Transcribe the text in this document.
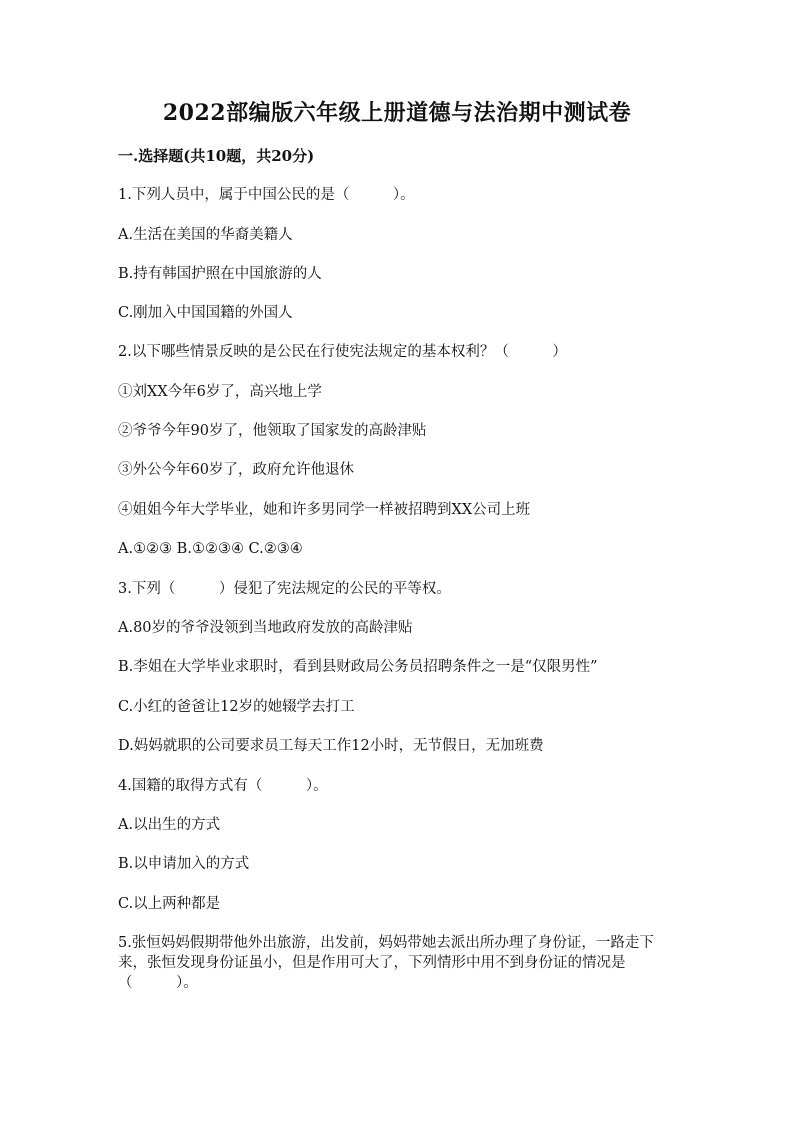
2022部编版六年级上册道德与法治期中测试卷
一.选择题(共10题，共20分)
1.下列人员中，属于中国公民的是（　　　）。
A.生活在美国的华裔美籍人
B.持有韩国护照在中国旅游的人
C.刚加入中国国籍的外国人
2.以下哪些情景反映的是公民在行使宪法规定的基本权利？（　　　）
①刘XX今年6岁了，高兴地上学
②爷爷今年90岁了，他领取了国家发的高龄津贴
③外公今年60岁了，政府允许他退休
④姐姐今年大学毕业，她和许多男同学一样被招聘到XX公司上班
A.①②③ B.①②③④ C.②③④
3.下列（　　　）侵犯了宪法规定的公民的平等权。
A.80岁的爷爷没领到当地政府发放的高龄津贴
B.李姐在大学毕业求职时，看到县财政局公务员招聘条件之一是“仅限男性”
C.小红的爸爸让12岁的她辍学去打工
D.妈妈就职的公司要求员工每天工作12小时，无节假日，无加班费
4.国籍的取得方式有（　　　）。
A.以出生的方式
B.以申请加入的方式
C.以上两种都是
5.张恒妈妈假期带他外出旅游，出发前，妈妈带她去派出所办理了身份证，一路走下来，张恒发现身份证虽小，但是作用可大了，下列情形中用不到身份证的情况是（　　　）。
